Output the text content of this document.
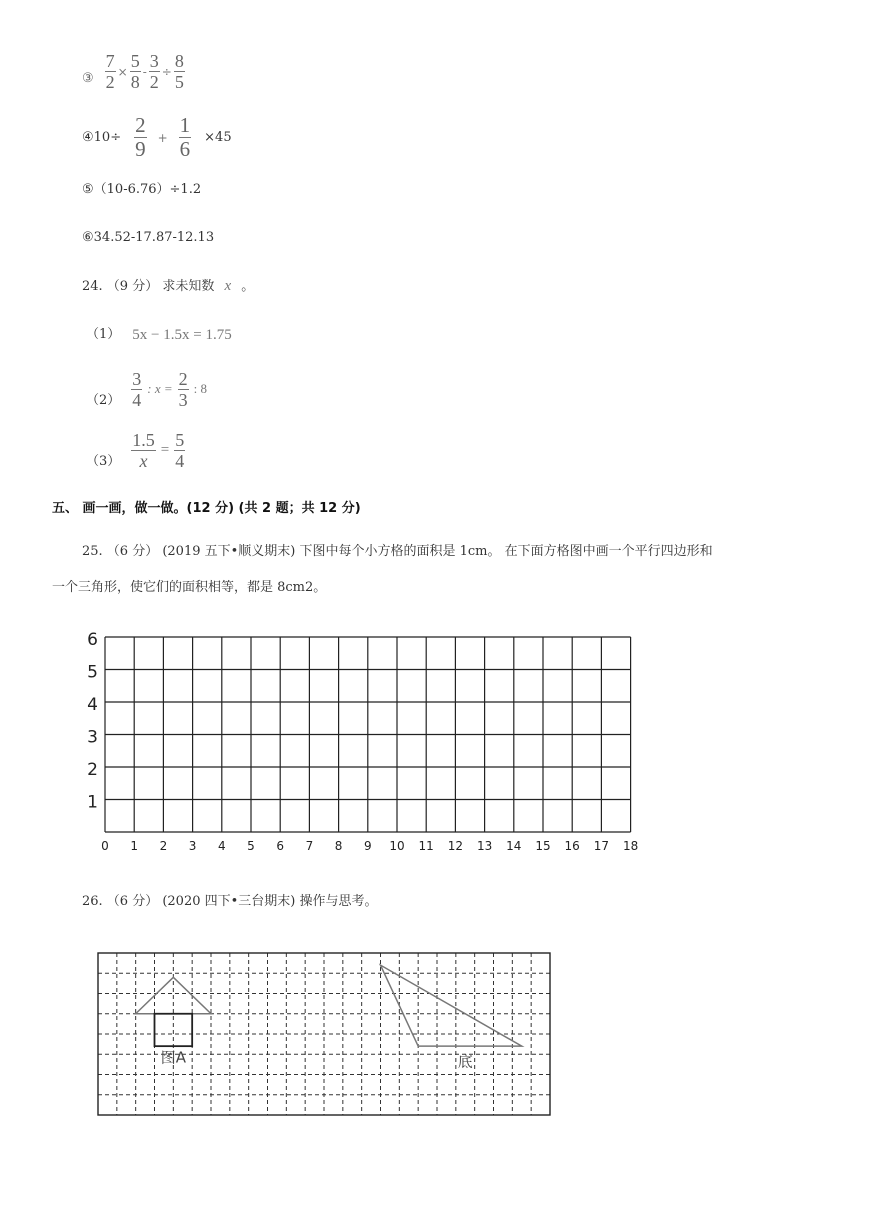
③ $\frac{7}{2} \times \frac{5}{8} - \frac{3}{2} \div \frac{8}{5}$
④10÷ $\frac{2}{9} + \frac{1}{6} \times 45$
⑤（10-6.76）÷1.2
⑥34.52-17.87-12.13
24. （9 分） 求未知数 x 。
（1） 5x − 1.5x = 1.75
$(2) \frac{3}{4}$ : $x = \frac{2}{3}$ : 8
$(3) \frac{1.5}{x} = \frac{5}{4}$
五、 画一画，做一做。(12 分) (共 2 题；共 12 分)
25. （6 分） (2019 五下•顺义期末) 下图中每个小方格的面积是 1cm。 在下面方格图中画一个平行四边形和
一个三角形，使它们的面积相等，都是 8cm2。
6
5
4
3
2
1
0 1 2 3 4 5 6 7 8 9 10 11 12 13 14 15 16 17 18
26. （6 分） (2020 四下•三台期末) 操作与思考。
图A	底
